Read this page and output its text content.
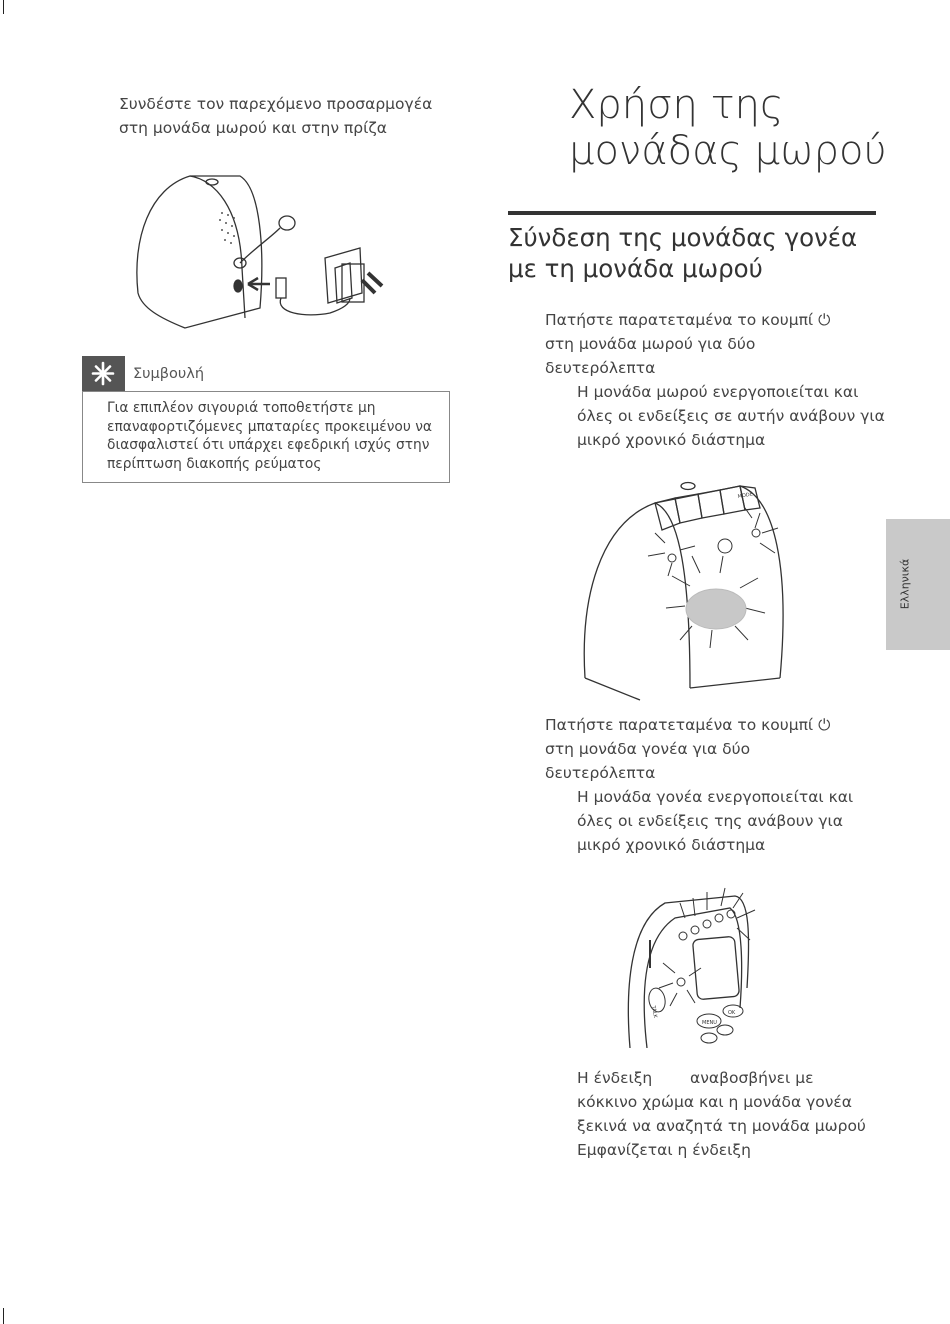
Συνδέστε τον παρεχόμενο προσαρμογέα στη μονάδα μωρού και στην πρίζα
Συμβουλή
Για επιπλέον σιγουριά τοποθετήστε μη επαναφορτιζόμενες μπαταρίες προκειμένου να διασφαλιστεί ότι υπάρχει εφεδρική ισχύς στην περίπτωση διακοπής ρεύματος
Χρήση της
μονάδας μωρού
Σύνδεση της μονάδας γονέα με τη μονάδα μωρού
Πατήστε παρατεταμένα το κουμπί ⏻ στη μονάδα μωρού για δύο δευτερόλεπτα
Η μονάδα μωρού ενεργοποιείται και όλες οι ενδείξεις σε αυτήν ανάβουν για μικρό χρονικό διάστημα
MODE
Πατήστε παρατεταμένα το κουμπί ⏻ στη μονάδα γονέα για δύο δευτερόλεπτα
Η μονάδα γονέα ενεργοποιείται και όλες οι ενδείξεις της ανάβουν για μικρό χρονικό διάστημα
TALK
MENU
OK
Η ένδειξη αναβοσβήνει με
κόκκινο χρώμα και η μονάδα γονέα ξεκινά να αναζητά τη μονάδα μωρού
Εμφανίζεται η ένδειξη
Ελληνικά
